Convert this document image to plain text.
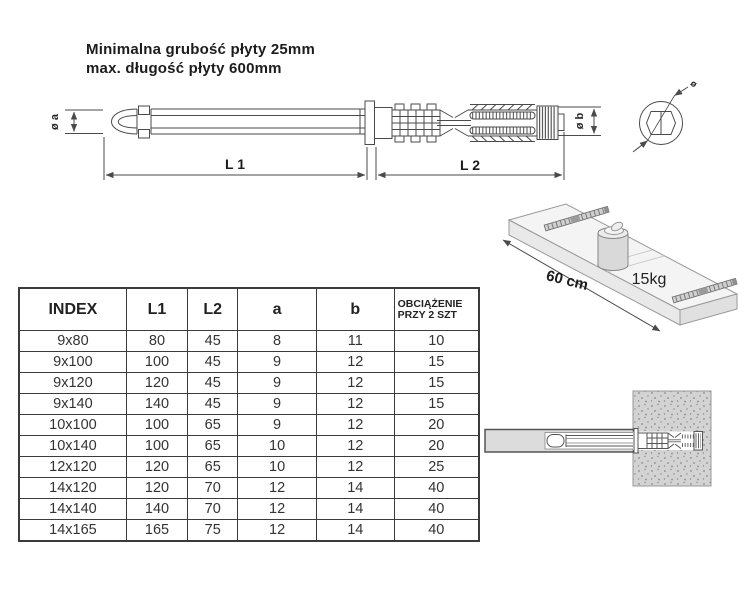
Minimalna grubość płyty 25mm
max. długość płyty 600mm
ø a	ø b
L 1	L 2
ø
60 cm	15kg
INDEX	L1	L2	a	b	OBCIĄŻENIE
PRZY 2 SZT
9x80	80	45	8	11	10
9x100	100	45	9	12	15
9x120	120	45	9	12	15
9x140	140	45	9	12	15
10x100	100	65	9	12	20
10x140	100	65	10	12	20
12x120	120	65	10	12	25
14x120	120	70	12	14	40
14x140	140	70	12	14	40
14x165	165	75	12	14	40
